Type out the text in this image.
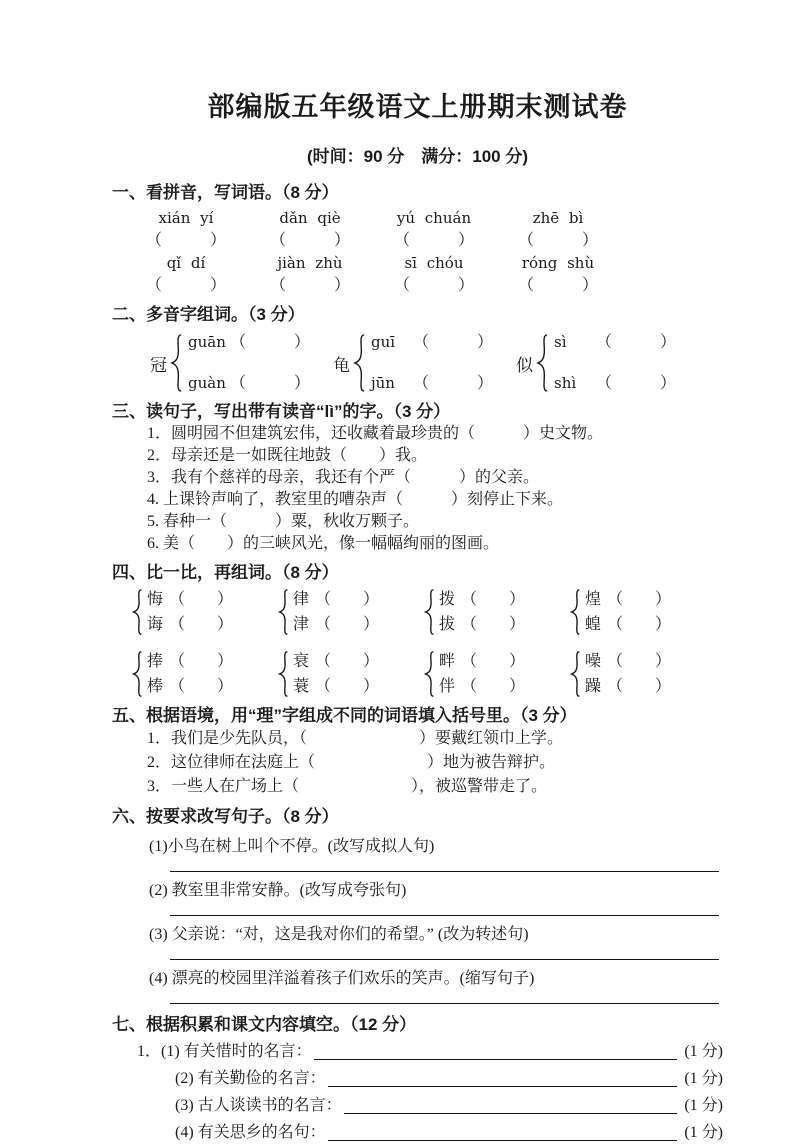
部编版五年级语文上册期末测试卷
(时间：90 分　满分：100 分)
一、看拼音，写词语。（8 分）
xián yí
（　　　）
dǎn qiè
（　　　）
yú chuán
（　　　）
zhē bì
（　　　）
qǐ dí
（　　　）
jiàn zhù
（　　　）
sī chóu
（　　　）
róng shù
（　　　）
二、多音字组词。（3 分）
冠
guān （　　　）
guàn （　　　）
龟
guī （　　　）
jūn （　　　）
似
sì （　　　）
shì （　　　）
三、读句子，写出带有读音“lì”的字。（3 分）
1．圆明园不但建筑宏伟，还收藏着最珍贵的（　　　）史文物。
2．母亲还是一如既往地鼓（　　）我。
3．我有个慈祥的母亲，我还有个严（　　　）的父亲。
4. 上课铃声响了，教室里的嘈杂声（　　　）刻停止下来。
5. 春种一（　　　）粟，秋收万颗子。
6. 美（　　）的三峡风光，像一幅幅绚丽的图画。
四、比一比，再组词。（8 分）
悔 （　　）
诲 （　　）
律 （　　）
津 （　　）
拨 （　　）
拔 （　　）
煌 （　　）
蝗 （　　）
捧 （　　）
棒 （　　）
衰 （　　）
蓑 （　　）
畔 （　　）
伴 （　　）
噪 （　　）
躁 （　　）
五、根据语境，用“理”字组成不同的词语填入括号里。（3 分）
1．我们是少先队员，（　　　　　　　）要戴红领巾上学。
2．这位律师在法庭上（　　　　　　　）地为被告辩护。
3．一些人在广场上（　　　　　　　），被巡警带走了。
六、按要求改写句子。（8 分）
(1)小鸟在树上叫个不停。(改写成拟人句)
(2) 教室里非常安静。(改写成夸张句)
(3) 父亲说：“对，这是我对你们的希望。” (改为转述句)
(4) 漂亮的校园里洋溢着孩子们欢乐的笑声。(缩写句子)
七、根据积累和课文内容填空。（12 分）
1．(1) 有关惜时的名言：	(1 分)
(2) 有关勤俭的名言：	(1 分)
(3) 古人谈读书的名言：	(1 分)
(4) 有关思乡的名句：	(1 分)
